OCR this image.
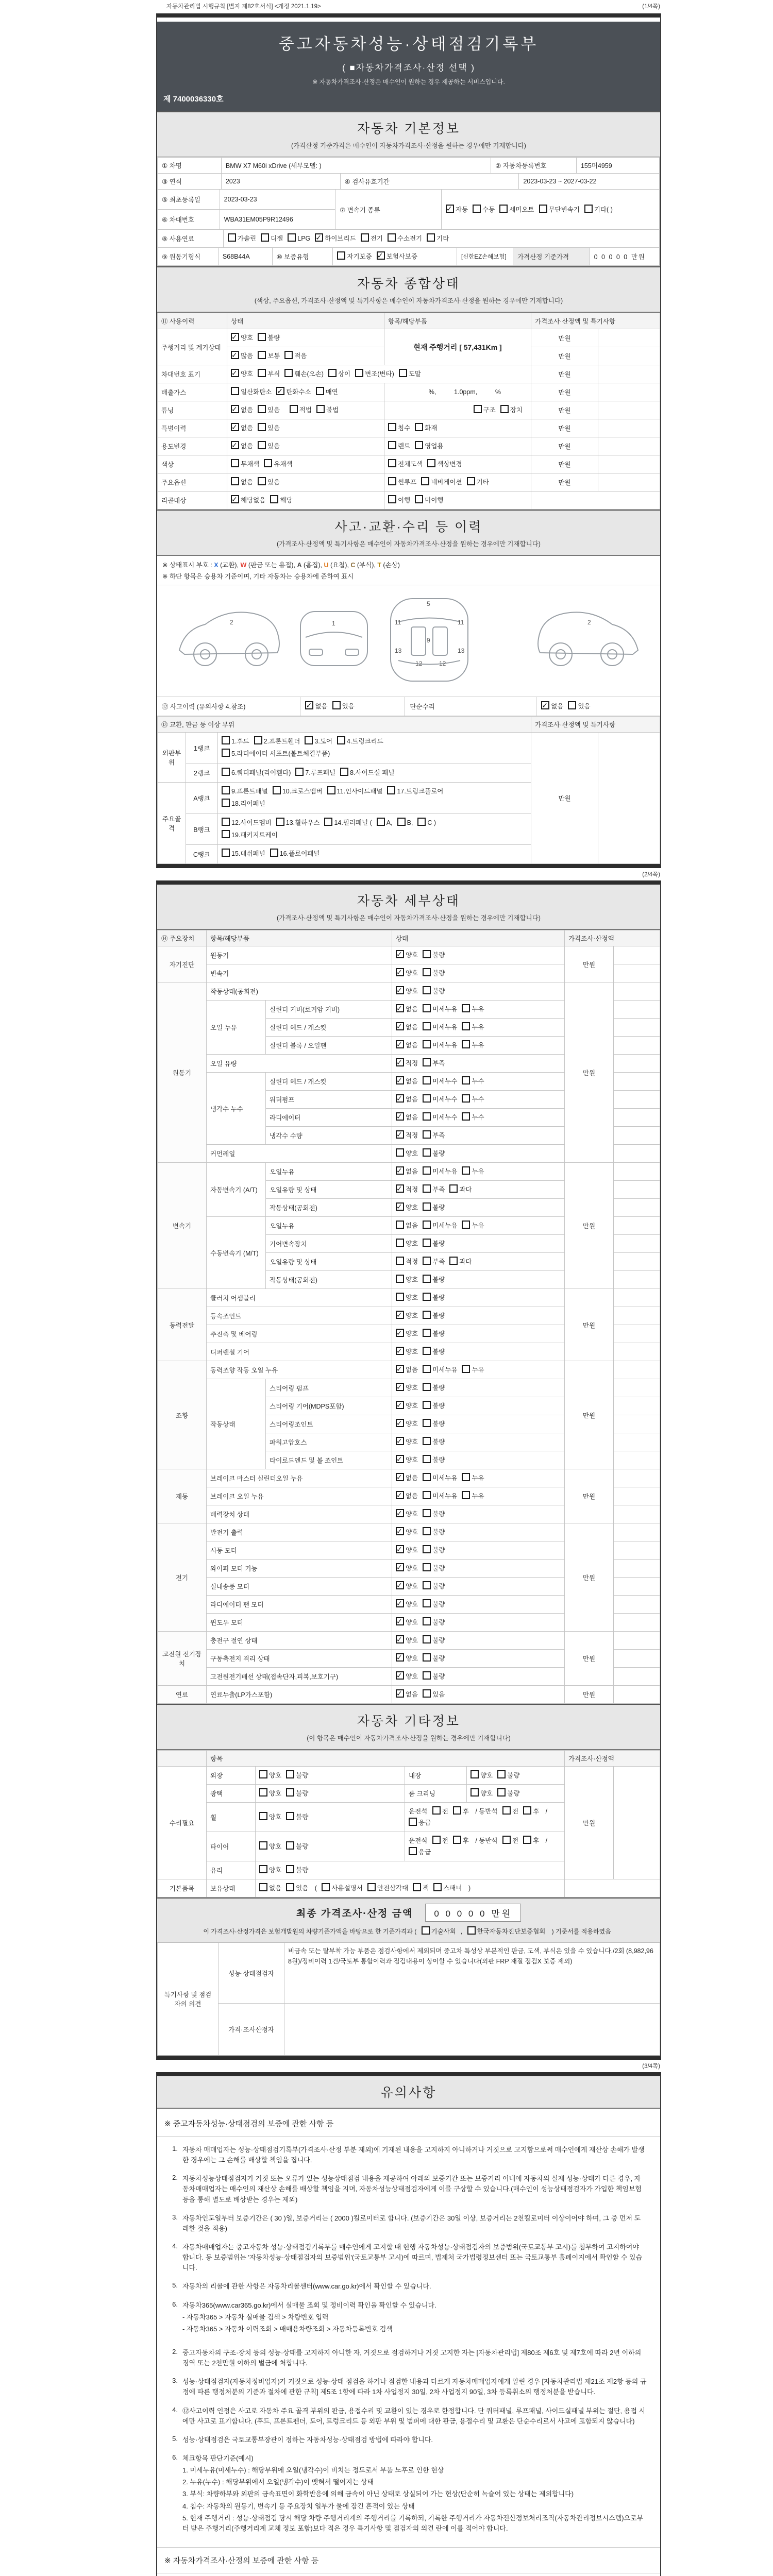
자동차관리법 시행규칙 [별지 제82호서식] <개정 2021.1.19>	(1/4쪽)
중고자동차성능·상태점검기록부
( ■자동차가격조사·산정 선택 )
※ 자동차가격조사·산정은 매수인이 원하는 경우 제공하는 서비스입니다.
제 7400036330호
자동차 기본정보
(가격산정 기준가격은 매수인이 자동차가격조사·산정을 원하는 경우에만 기재합니다)
① 차명	BMW X7 M60i xDrive (세부모델: )	② 자동차등록번호	155머4959
③ 연식	2023	④ 검사유효기간	2023-03-23 ~ 2027-03-22
⑤ 최초등록일	2023-03-23
⑥ 차대번호	WBA31EM05P9R12496
⑦ 변속기 종류 ✓	자동	수동	세미오토	무단변속기	기타( )
⑧ 사용연료	가솔린	디젤	LPG ✓	하이브리드	전기	수소전기	기타
⑨ 원동기형식	S68B44A	⑩ 보증유형	자기보증 ✓	보험사보증	[신한EZ손해보험]	가격산정 기준가격	0 0 0 0 0 만원
자동차 종합상태
(색상, 주요옵션, 가격조사·산정액 및 특기사항은 매수인이 자동차가격조사·산정을 원하는 경우에만 기재합니다)
⑪ 사용이력	상태	항목/해당부품	가격조사·산정액 및 특기사항	
주행거리 및 계기상태	✓양호 불량	현재 주행거리 [ 57,431Km ]	만원	
✓많음 보통 적음		만원	
차대번호 표기	✓양호 부식 훼손(오손) 상이 변조(변타) 도말		만원	
배출가스	일산화탄소 ✓ 탄화수소 매연	%,          1.0ppm,          %	만원	
튜닝	✓없음 있음 적법 불법	구조 장치	만원	
특별이력	✓없음 있음	침수 화재	만원	
용도변경	✓없음 있음	렌트 영업용	만원	
색상	무채색 유채색	전체도색 색상변경	만원	
주요옵션	없음 있음	썬루프 네비게이션 기타	만원	
리콜대상	✓해당없음 해당	이행 미이행		
사고·교환·수리 등 이력
(가격조사·산정액 및 특기사항은 매수인이 자동차가격조사·산정을 원하는 경우에만 기재합니다)
※ 상태표시 부호 : X (교환), W (판금 또는 용접), A (흠집), U (요철), C (부식), T (손상)
※ 하단 항목은 승용차 기준이며, 기타 자동차는 승용차에 준하여 표시
2	1
5
11	11
9
13	13
12	12
2
⑫ 사고이력 (유의사항 4.참조) ✓	없음	있음	단순수리 ✓	없음	있음
⑬ 교환, 판금 등 이상 부위			가격조사·산정액 및 특기사항	
외판부위	1랭크	1.후드 2.프론트휀더 3.도어 4.트렁크리드
5.라디에이터 서포트(볼트체결부품)	만원	
	2랭크	6.쿼더패널(리어휀다) 7.루프패널 8.사이드실 패널		
주요골격	A랭크	9.프론트패널 10.크로스멤버 11.인사이드패널 17.트렁크플로어
18.리어패널		
	B랭크	12.사이드멤버 13.휠하우스 14.필러패널 ( A, B, C )
19.패키지트레이		
	C랭크	15.대쉬패널 16.플로어패널		
(2/4쪽)
자동차 세부상태
(가격조사·산정액 및 특기사항은 매수인이 자동차가격조사·산정을 원하는 경우에만 기재합니다)
⑭ 주요장치	항목/해당부품		상태	가격조사·산정액	
자기진단	원동기	✓양호 불량	만원	
	변속기	✓양호 불량	
원동기	작동상태(공회전)	✓양호 불량	만원	
	오일 누유	실린더 커버(로커암 커버)	✓없음 미세누유 누유	
		실린더 헤드 / 개스킷	✓없음 미세누유 누유	
		실린더 블록 / 오일팬	✓없음 미세누유 누유	
	오일 유량	✓적정 부족	
	냉각수 누수	실린더 헤드 / 개스킷	✓없음 미세누수 누수	
		워터펌프	✓없음 미세누수 누수	
		라디에이터	✓없음 미세누수 누수	
		냉각수 수량	✓적정 부족	
	커먼레일		양호 불량		
변속기	자동변속기 (A/T)	오일누유	✓없음 미세누유 누유	만원	
		오일유량 및 상태	✓적정 부족 과다	
		작동상태(공회전)	✓양호 불량	
	수동변속기 (M/T)	오일누유	없음 미세누유 누유		
		기어변속장치	양호 불량		
		오일유량 및 상태	적정 부족 과다		
		작동상태(공회전)	양호 불량		
동력전달	클러치 어셈블리		양호 불량	만원	
	등속조인트	✓양호 불량	
	추진축 및 베어링	✓양호 불량	
	디퍼렌셜 기어	✓양호 불량	
조향	동력조향 작동 오일 누유	✓없음 미세누유 누유	만원	
	작동상태	스티어링 펌프	✓양호 불량	
		스티어링 기어(MDPS포함)	✓양호 불량	
		스티어링조인트	✓양호 불량	
		파워고압호스	✓양호 불량	
		타이로드엔드 및 볼 조인트	✓양호 불량	
제동	브레이크 마스터 실린더오일 누유	✓없음 미세누유 누유	만원	
	브레이크 오일 누유	✓없음 미세누유 누유	
	배력장치 상태	✓양호 불량	
전기	발전기 출력	✓양호 불량	만원	
	시동 모터	✓양호 불량	
	와이퍼 모터 기능	✓양호 불량	
	실내송풍 모터	✓양호 불량	
	라디에이터 팬 모터	✓양호 불량	
	윈도우 모터	✓양호 불량	
고전원 전기장치	충전구 절연 상태	✓양호 불량	만원	
	구동축전지 격리 상태	✓양호 불량	
	고전원전기배선 상태(접속단자,피복,보호기구)	✓양호 불량	
연료	연료누출(LP가스포함)	✓없음 있음	만원	
자동차 기타정보
(이 항목은 매수인이 자동차가격조사·산정을 원하는 경우에만 기재합니다)
	항목				가격조사·산정액	
수리필요	외장	양호 불량	내장	양호 불량	만원	
	광택	양호 불량	룸 크리닝	양호 불량		
	휠	양호 불량	운전석 전 후 / 동반석 전 후 / 응급			
	타이어	양호 불량	운전석 전 후 / 동반석 전 후 / 응급			
	유리	양호 불량				
기본품목	보유상태	없음 있음 ( 사용설명서 안전삼각대 잭 스패너 )				
최종 가격조사·산정 금액	0 0 0 0 0 만원
이 가격조사·산정가격은 보험개발원의 차량기준가액을 바탕으로 한 기준가격과 ( 기술사회 , 한국자동차진단보증협회 ) 기준서를 적용하였음
특기사항 및 점검자의 의견	성능·상태점검자	비금속 또는 탈부착 가능 부품은 점검사항에서 제외되며 중고차 특성상 부분적인 판금, 도색, 부식은 있을 수 있습니다./2회 (8,982,968원)/정비이력 1건/국토부 통합이력과 점검내용이 상이할 수 있습니다(외판 FRP 재질 점검X 보증 제외)
	가격·조사산정자	
(3/4쪽)
유의사항
※ 중고자동차성능·상태점검의 보증에 관한 사항 등
1. 자동차 매매업자는 성능·상태점검기록부(가격조사·산정 부분 제외)에 기재된 내용을 고지하지 아니하거나 거짓으로 고지함으로써 매수인에게 재산상 손해가 발생한 경우에는 그 손해를 배상할 책임을 집니다.
2. 자동차성능상태점검자가 거짓 또는 오류가 있는 성능상태점검 내용을 제공하여 아래의 보증기간 또는 보증거리 이내에 자동차의 실제 성능·상태가 다른 경우, 자동차매매업자는 매수인의 재산상 손해를 배상할 책임을 지며, 자동차성능상태점검자에게 이를 구상할 수 있습니다.(매수인이 성능상태점검자가 가입한 책임보험 등을 통해 별도로 배상받는 경우는 제외)
3. 자동차인도일부터 보증기간은 ( 30 )일, 보증거리는 ( 2000 )킬로미터로 합니다. (보증기간은 30일 이상, 보증거리는 2천킬로미터 이상이어야 하며, 그 중 먼저 도래한 것을 적용)
4. 자동차매매업자는 중고자동차 성능·상태점검기록부를 매수인에게 고지할 때 현행 자동차성능·상태점검자의 보증범위(국토교통부 고시)를 첨부하여 고지하여야 합니다. 동 보증범위는 '자동차성능·상태점검자의 보증범위'(국토교통부 고시)에 따르며, 법제처 국가법령정보센터 또는 국토교통부 홈페이지에서 확인할 수 있습니다.
5. 자동차의 리콜에 관한 사항은 자동차리콜센터(www.car.go.kr)에서 확인할 수 있습니다.
6. 자동차365(www.car365.go.kr)에서 실매물 조회 및 정비이력 확인을 확인할 수 있습니다.
- 자동차365 > 자동차 실매물 검색 > 차량번호 입력
- 자동차365 > 자동차 이력조회 > 매매용차량조회 > 자동차등록번호 검색
2. 중고자동차의 구조·장치 등의 성능·상태를 고지하지 아니한 자, 거짓으로 점검하거나 거짓 고지한 자는 [자동차관리법] 제80조 제6호 및 제7호에 따라 2년 이하의 징역 또는 2천만원 이하의 벌금에 처합니다.
3. 성능·상태점검자(자동차정비업자)가 거짓으로 성능·상태 점검을 하거나 점검한 내용과 다르게 자동차매매업자에게 알린 경우 [자동차관리법 제21조 제2항 등의 규정에 따른 행정처분의 기준과 절차에 관한 규칙] 제5조 1항에 따라 1차 사업정지 30일, 2차 사업정지 90일, 3차 등록취소의 행정처분을 받습니다.
4. ⑫사고이력 인정은 사고로 자동차 주요 골격 부위의 판금, 용접수리 및 교환이 있는 경우로 한정합니다. 단 쿼터패널, 루프패널, 사이드실패널 부위는 절단, 용접 시에만 사고로 표기합니다. (후드, 프론트펜더, 도어, 트렁크리드 등 외판 부위 및 범퍼에 대한 판금, 용접수리 및 교환은 단순수리로서 사고에 포함되지 않습니다)
5. 성능·상태점검은 국토교통부장관이 정하는 자동차성능·상태점검 방법에 따라야 합니다.
6. 체크항목 판단기준(예시)
1. 미세누유(미세누수) : 해당부위에 오일(냉각수)이 비치는 정도로서 부품 노후로 인한 현상
2. 누유(누수) : 해당부위에서 오일(냉각수)이 맺혀서 떨어지는 상태
3. 부식: 차량하부와 외판의 금속표면이 화학반응에 의해 금속이 아닌 상태로 상실되어 가는 현상(단순히 녹슬어 있는 상태는 제외합니다)
4. 침수: 자동차의 원동기, 변속기 등 주요장치 일부가 물에 잠긴 흔적이 있는 상태
5. 현재 주행거리 : 성능·상태점검 당시 해당 차량 주행거리계의 주행거리를 기록하되, 기록한 주행거리가 자동차전산정보처리조직(자동차관리정보시스템)으로부터 받은 주행거리(주행거리계 교체 정보 포함)보다 적은 경우 특기사항 및 점검자의 의견 란에 이를 적어야 합니다.
※ 자동차가격조사·산정의 보증에 관한 사항 등
